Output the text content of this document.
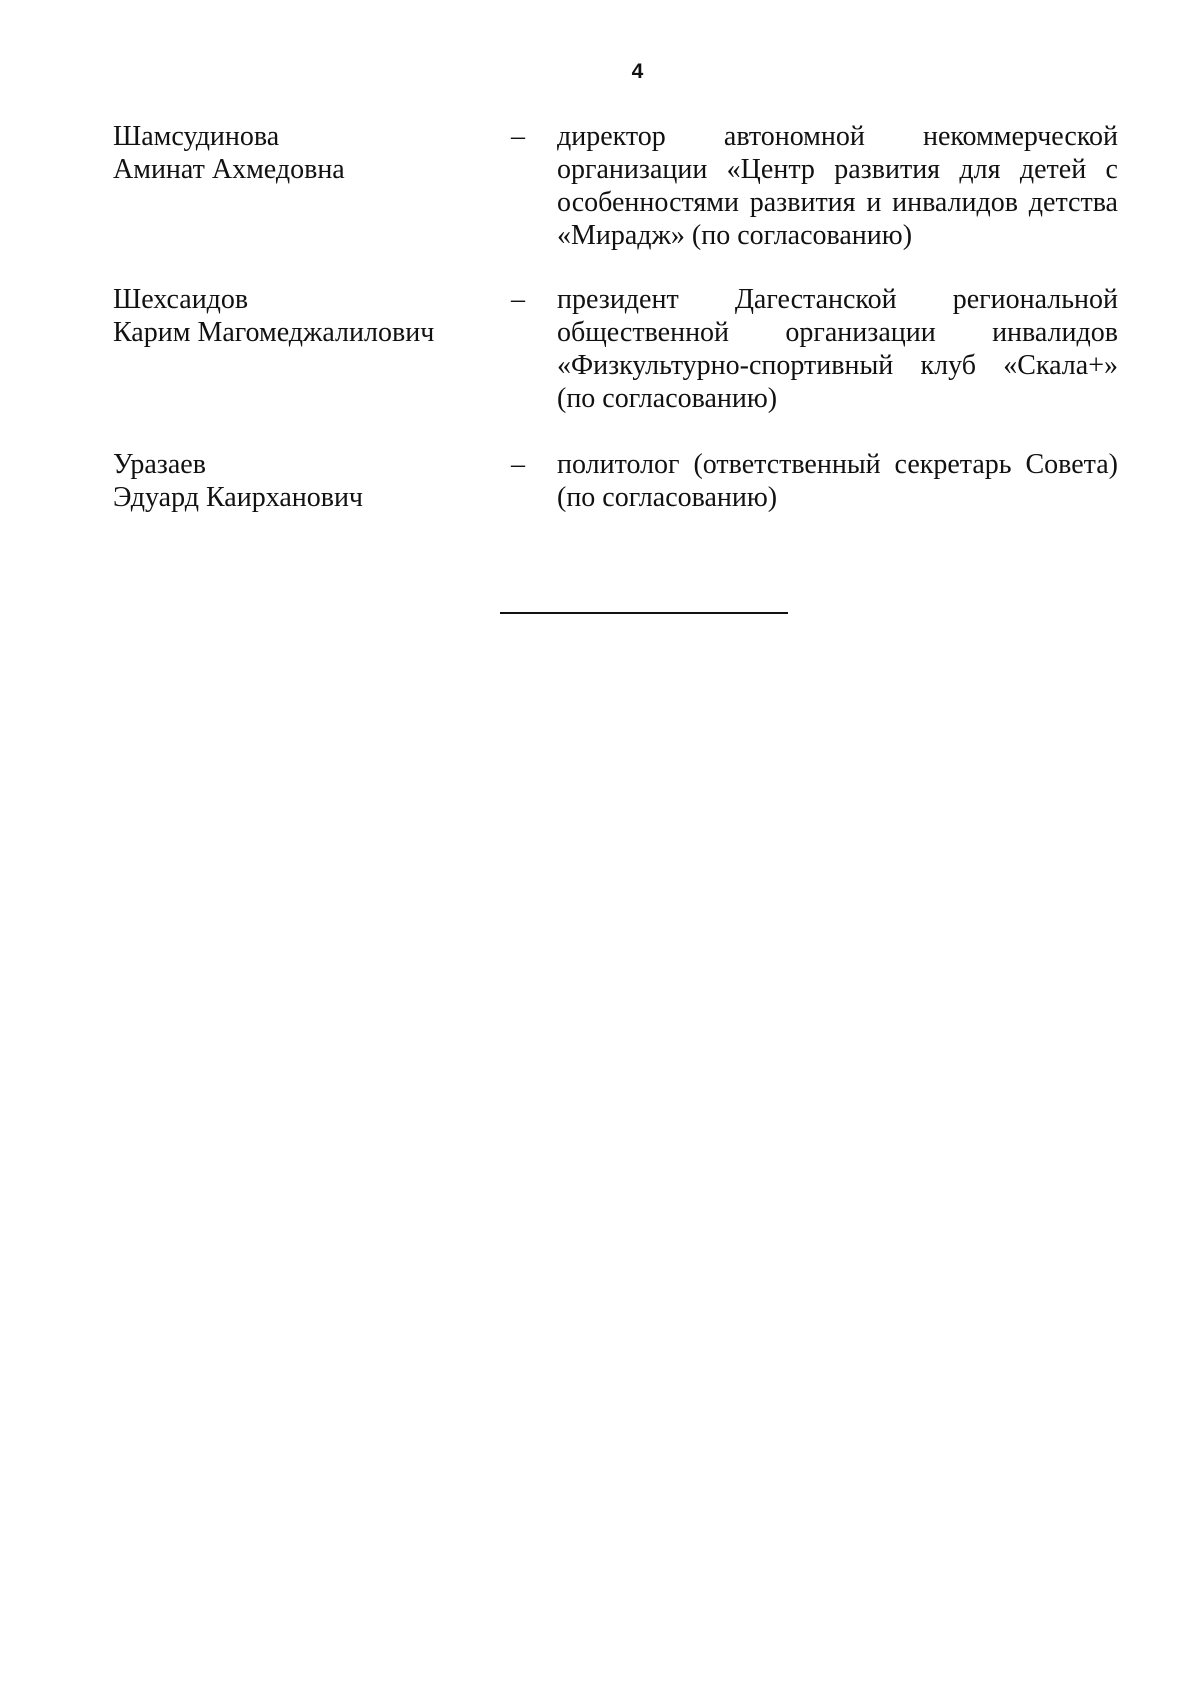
4
Шамсудинова
Аминат Ахмедовна
– директор автономной некоммерческой
организации «Центр развития для детей с
особенностями развития и инвалидов детства
«Мирадж» (по согласованию)
Шехсаидов
Карим Магомеджалилович
– президент Дагестанской региональной
общественной организации инвалидов
«Физкультурно-спортивный клуб «Скала+»
(по согласованию)
Уразаев
Эдуард Каирханович
– политолог (ответственный секретарь Совета)
(по согласованию)
